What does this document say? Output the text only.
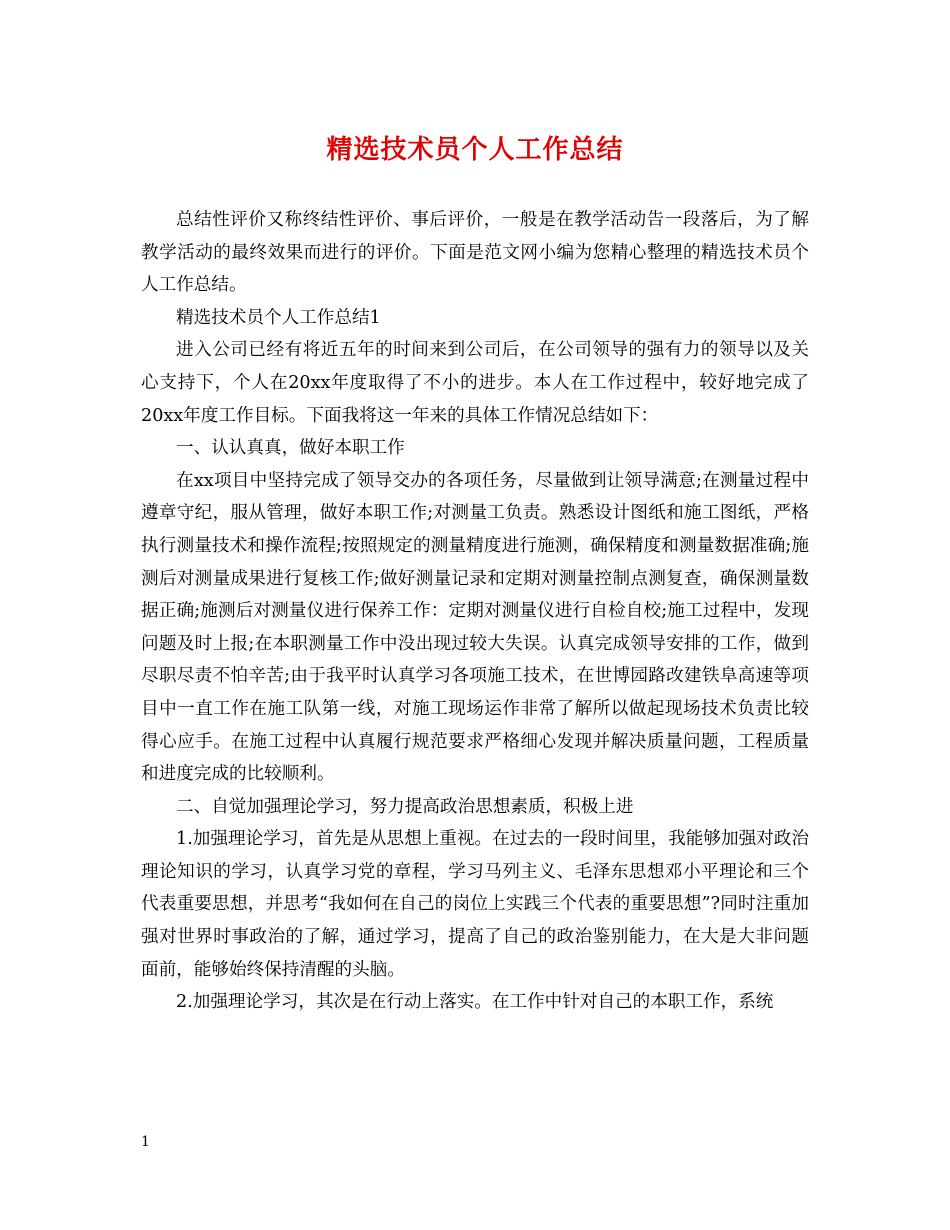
精选技术员个人工作总结

总结性评价又称终结性评价、事后评价，一般是在教学活动告一段落后，为了解教学活动的最终效果而进行的评价。下面是范文网小编为您精心整理的精选技术员个人工作总结。

精选技术员个人工作总结1

进入公司已经有将近五年的时间来到公司后，在公司领导的强有力的领导以及关心支持下，个人在20xx年度取得了不小的进步。本人在工作过程中，较好地完成了20xx年度工作目标。下面我将这一年来的具体工作情况总结如下：

一、认认真真，做好本职工作

在xx项目中坚持完成了领导交办的各项任务，尽量做到让领导满意;在测量过程中遵章守纪，服从管理，做好本职工作;对测量工负责。熟悉设计图纸和施工图纸，严格执行测量技术和操作流程;按照规定的测量精度进行施测，确保精度和测量数据准确;施测后对测量成果进行复核工作;做好测量记录和定期对测量控制点测复查，确保测量数据正确;施测后对测量仪进行保养工作：定期对测量仪进行自检自校;施工过程中，发现问题及时上报;在本职测量工作中没出现过较大失误。认真完成领导安排的工作，做到尽职尽责不怕辛苦;由于我平时认真学习各项施工技术，在世博园路改建铁阜高速等项目中一直工作在施工队第一线，对施工现场运作非常了解所以做起现场技术负责比较得心应手。在施工过程中认真履行规范要求严格细心发现并解决质量问题，工程质量和进度完成的比较顺利。

二、自觉加强理论学习，努力提高政治思想素质，积极上进

1.加强理论学习，首先是从思想上重视。在过去的一段时间里，我能够加强对政治理论知识的学习，认真学习党的章程，学习马列主义、毛泽东思想邓小平理论和三个代表重要思想，并思考“我如何在自己的岗位上实践三个代表的重要思想”?同时注重加强对世界时事政治的了解，通过学习，提高了自己的政治鉴别能力，在大是大非问题面前，能够始终保持清醒的头脑。

2.加强理论学习，其次是在行动上落实。在工作中针对自己的本职工作，系统

1
